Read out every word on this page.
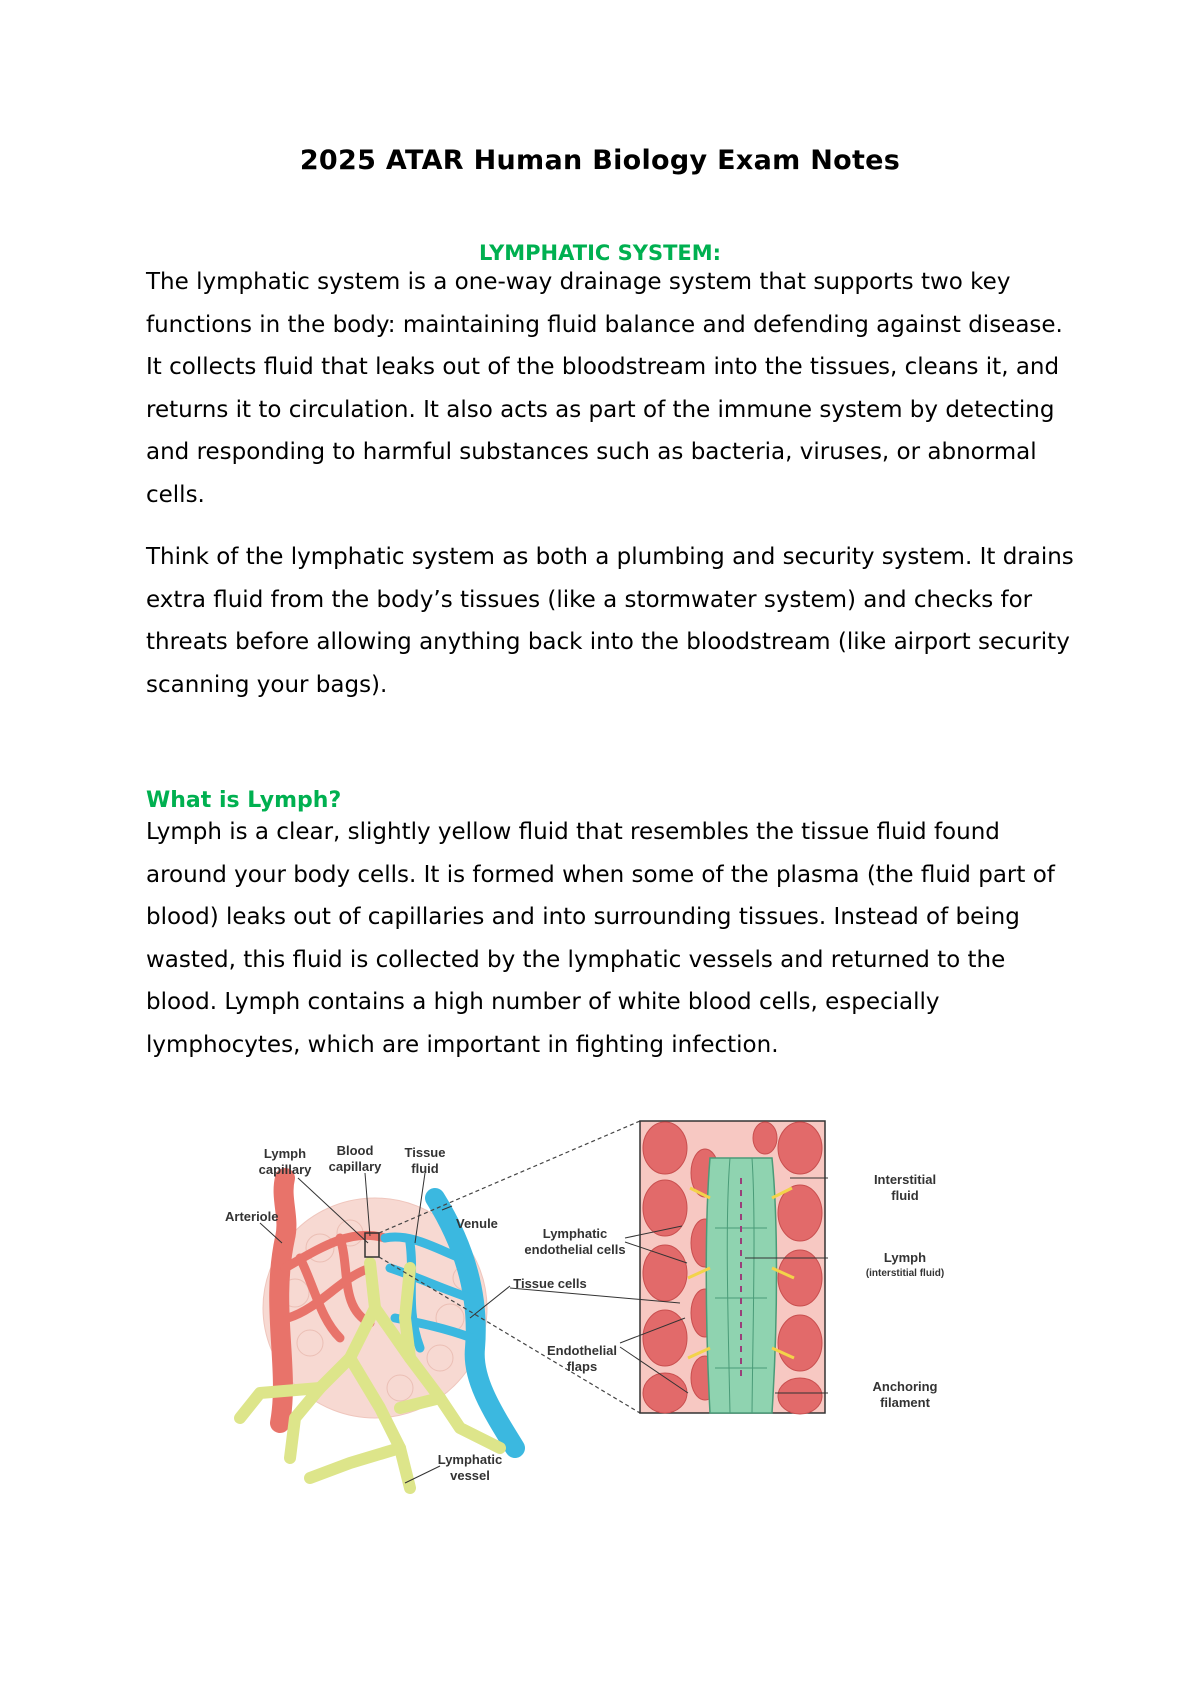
2025 ATAR Human Biology Exam Notes
LYMPHATIC SYSTEM:

The lymphatic system is a one-way drainage system that supports two key functions in the body: maintaining fluid balance and defending against disease. It collects fluid that leaks out of the bloodstream into the tissues, cleans it, and returns it to circulation. It also acts as part of the immune system by detecting and responding to harmful substances such as bacteria, viruses, or abnormal cells.

Think of the lymphatic system as both a plumbing and security system. It drains extra fluid from the body’s tissues (like a stormwater system) and checks for threats before allowing anything back into the bloodstream (like airport security scanning your bags).

What is Lymph?

Lymph is a clear, slightly yellow fluid that resembles the tissue fluid found around your body cells. It is formed when some of the plasma (the fluid part of blood) leaks out of capillaries and into surrounding tissues. Instead of being wasted, this fluid is collected by the lymphatic vessels and returned to the blood. Lymph contains a high number of white blood cells, especially lymphocytes, which are important in fighting infection.

Lymph
capillary
Blood
capillary
Tissue
fluid
Arteriole	Venule
Lymphatic
endothelial cells
Tissue cells
Endothelial
flaps
Lymphatic
vessel
Interstitial
fluid
Lymph
(interstitial fluid)
Anchoring
filament
